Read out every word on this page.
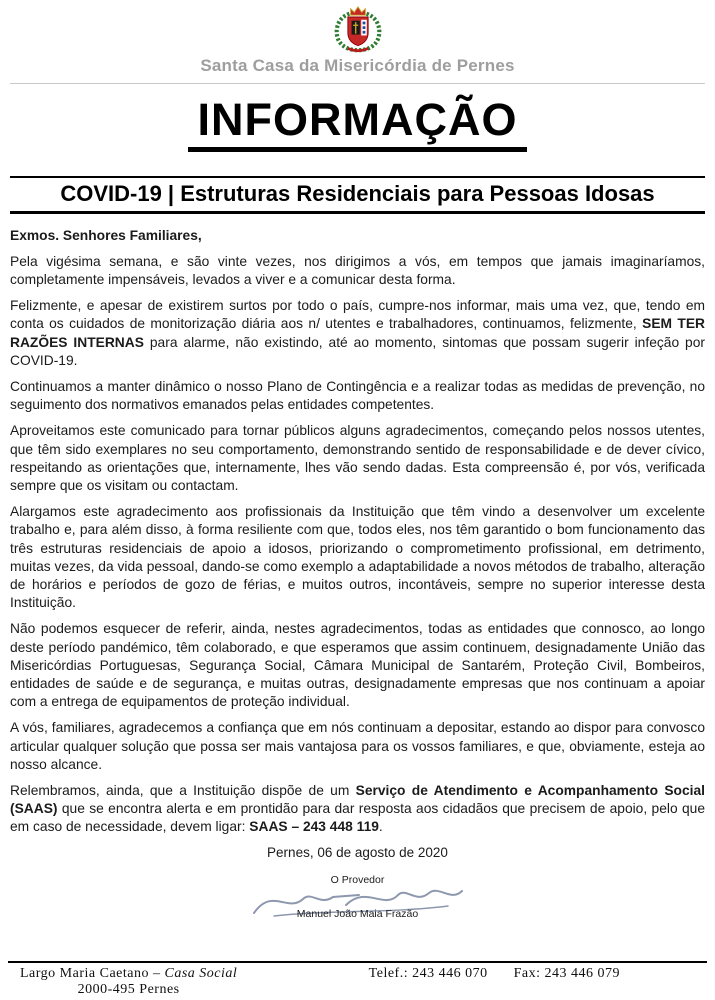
Santa Casa da Misericórdia de Pernes
INFORMAÇÃO
COVID-19 | Estruturas Residenciais para Pessoas Idosas

Exmos. Senhores Familiares,

Pela vigésima semana, e são vinte vezes, nos dirigimos a vós, em tempos que jamais imaginaríamos, completamente impensáveis, levados a viver e a comunicar desta forma.

Felizmente, e apesar de existirem surtos por todo o país, cumpre-nos informar, mais uma vez, que, tendo em conta os cuidados de monitorização diária aos n/ utentes e trabalhadores, continuamos, felizmente, SEM TER RAZÕES INTERNAS para alarme, não existindo, até ao momento, sintomas que possam sugerir infeção por COVID-19.

Continuamos a manter dinâmico o nosso Plano de Contingência e a realizar todas as medidas de prevenção, no seguimento dos normativos emanados pelas entidades competentes.

Aproveitamos este comunicado para tornar públicos alguns agradecimentos, começando pelos nossos utentes, que têm sido exemplares no seu comportamento, demonstrando sentido de responsabilidade e de dever cívico, respeitando as orientações que, internamente, lhes vão sendo dadas. Esta compreensão é, por vós, verificada sempre que os visitam ou contactam.

Alargamos este agradecimento aos profissionais da Instituição que têm vindo a desenvolver um excelente trabalho e, para além disso, à forma resiliente com que, todos eles, nos têm garantido o bom funcionamento das três estruturas residenciais de apoio a idosos, priorizando o comprometimento profissional, em detrimento, muitas vezes, da vida pessoal, dando-se como exemplo a adaptabilidade a novos métodos de trabalho, alteração de horários e períodos de gozo de férias, e muitos outros, incontáveis, sempre no superior interesse desta Instituição.

Não podemos esquecer de referir, ainda, nestes agradecimentos, todas as entidades que connosco, ao longo deste período pandémico, têm colaborado, e que esperamos que assim continuem, designadamente União das Misericórdias Portuguesas, Segurança Social, Câmara Municipal de Santarém, Proteção Civil, Bombeiros, entidades de saúde e de segurança, e muitas outras, designadamente empresas que nos continuam a apoiar com a entrega de equipamentos de proteção individual.

A vós, familiares, agradecemos a confiança que em nós continuam a depositar, estando ao dispor para convosco articular qualquer solução que possa ser mais vantajosa para os vossos familiares, e que, obviamente, esteja ao nosso alcance.

Relembramos, ainda, que a Instituição dispõe de um Serviço de Atendimento e Acompanhamento Social (SAAS) que se encontra alerta e em prontidão para dar resposta aos cidadãos que precisem de apoio, pelo que em caso de necessidade, devem ligar: SAAS – 243 448 119.

Pernes, 06 de agosto de 2020
O Provedor
Manuel João Maia Frazão
Largo Maria Caetano – Casa Social
2000-495 Pernes
Telef.: 243 446 070 Fax: 243 446 079
